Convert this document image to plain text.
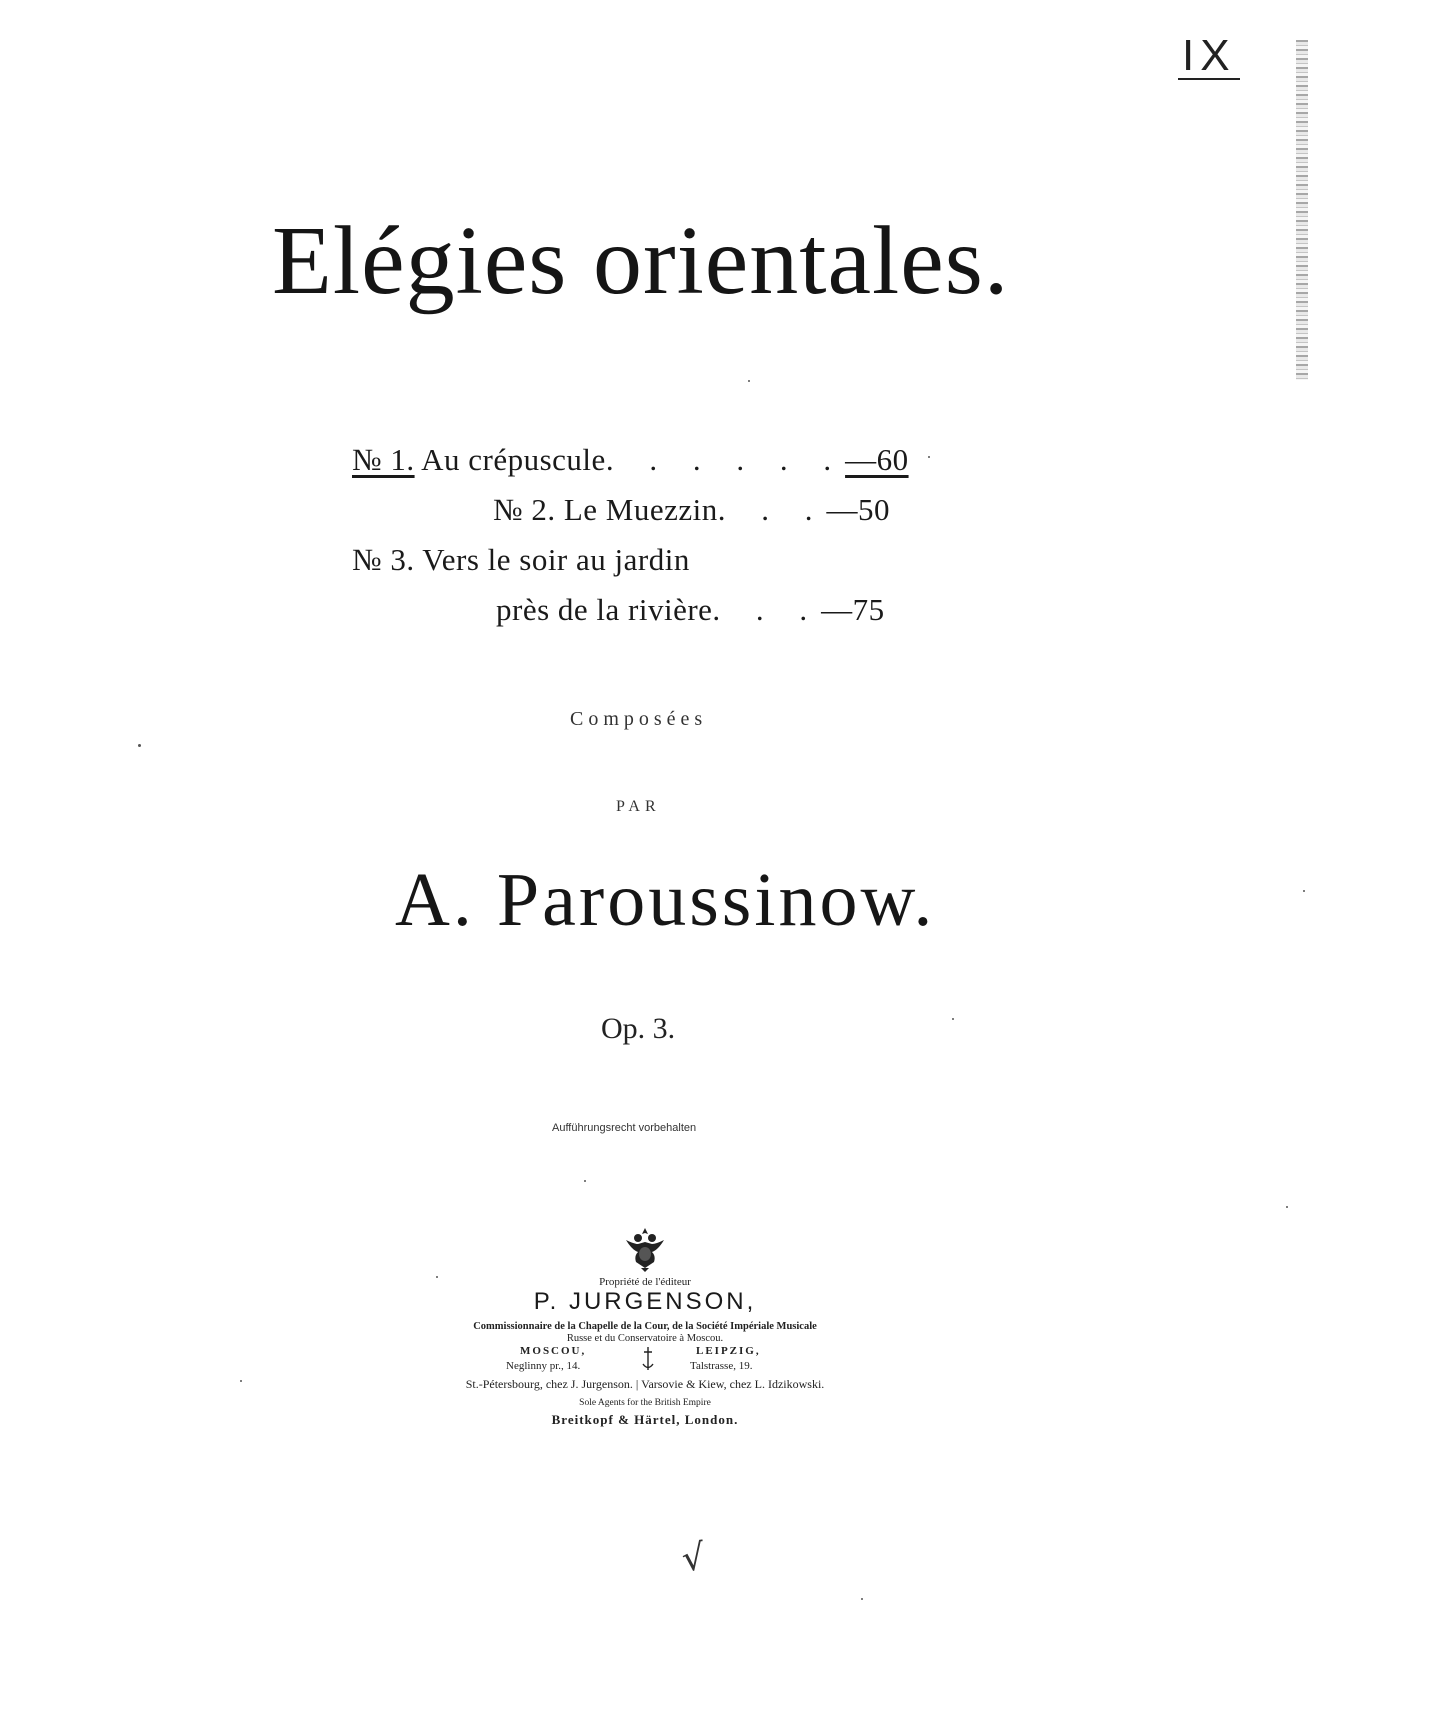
IX
Elégies orientales.
№ 1. Au crépuscule. . . . . .—60
№ 2. Le Muezzin. . .—50
№ 3. Vers le soir au jardin
près de la rivière. . .—75
Composées
PAR
A. Paroussinow.
Op. 3.
Aufführungsrecht vorbehalten
Propriété de l'éditeur
P. JURGENSON,
Commissionnaire de la Chapelle de la Cour, de la Société Impériale Musicale
Russe et du Conservatoire à Moscou.
MOSCOU,
Neglinny pr., 14.
LEIPZIG,
Talstrasse, 19.
St.-Pétersbourg, chez J. Jurgenson. | Varsovie & Kiew, chez L. Idzikowski.
Sole Agents for the British Empire
Breitkopf & Härtel, London.
√
